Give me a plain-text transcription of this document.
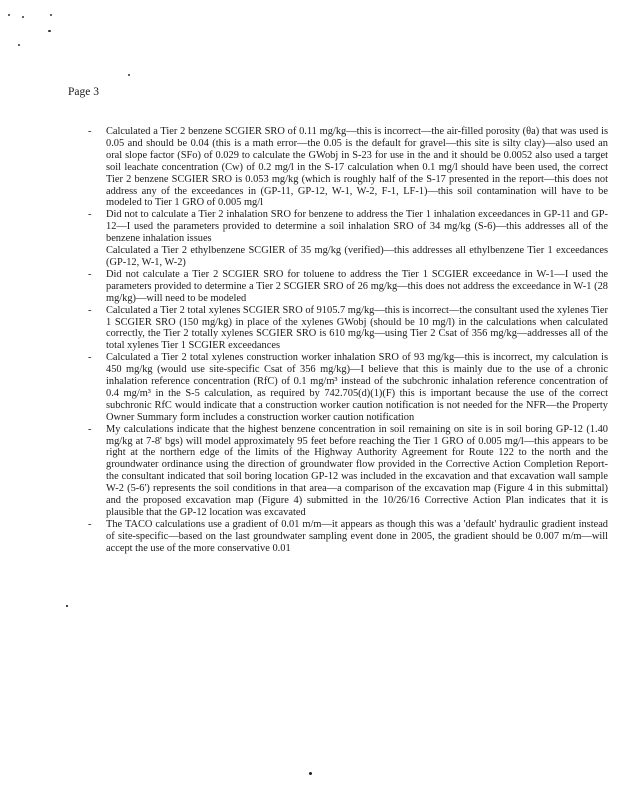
Page 3
- Calculated a Tier 2 benzene SCGIER SRO of 0.11 mg/kg—this is incorrect—the air-filled porosity (θa) that was used is 0.05 and should be 0.04 (this is a math error—the 0.05 is the default for gravel—this site is silty clay)—also used an oral slope factor (SFo) of 0.029 to calculate the GWobj in S-23 for use in the and it should be 0.0052 also used a target soil leachate concentration (Cw) of 0.2 mg/l in the S-17 calculation when 0.1 mg/l should have been used, the correct Tier 2 benzene SCGIER SRO is 0.053 mg/kg (which is roughly half of the S-17 presented in the report—this does not address any of the exceedances in (GP-11, GP-12, W-1, W-2, F-1, LF-1)—this soil contamination will have to be modeled to Tier 1 GRO of 0.005 mg/l
- Did not to calculate a Tier 2 inhalation SRO for benzene to address the Tier 1 inhalation exceedances in GP-11 and GP-12—I used the parameters provided to determine a soil inhalation SRO of 34 mg/kg (S-6)—this addresses all of the benzene inhalation issues
Calculated a Tier 2 ethylbenzene SCGIER of 35 mg/kg (verified)—this addresses all ethylbenzene Tier 1 exceedances (GP-12, W-1, W-2)
- Did not calculate a Tier 2 SCGIER SRO for toluene to address the Tier 1 SCGIER exceedance in W-1—I used the parameters provided to determine a Tier 2 SCGIER SRO of 26 mg/kg—this does not address the exceedance in W-1 (28 mg/kg)—will need to be modeled
- Calculated a Tier 2 total xylenes SCGIER SRO of 9105.7 mg/kg—this is incorrect—the consultant used the xylenes Tier 1 SCGIER SRO (150 mg/kg) in place of the xylenes GWobj (should be 10 mg/l) in the calculations when calculated correctly, the Tier 2 totally xylenes SCGIER SRO is 610 mg/kg—using Tier 2 Csat of 356 mg/kg—addresses all of the total xylenes Tier 1 SCGIER exceedances
- Calculated a Tier 2 total xylenes construction worker inhalation SRO of 93 mg/kg—this is incorrect, my calculation is 450 mg/kg (would use site-specific Csat of 356 mg/kg)—I believe that this is mainly due to the use of a chronic inhalation reference concentration (RfC) of 0.1 mg/m³ instead of the subchronic inhalation reference concentration of 0.4 mg/m³ in the S-5 calculation, as required by 742.705(d)(1)(F) this is important because the use of the correct subchronic RfC would indicate that a construction worker caution notification is not needed for the NFR—the Property Owner Summary form includes a construction worker caution notification
- My calculations indicate that the highest benzene concentration in soil remaining on site is in soil boring GP-12 (1.40 mg/kg at 7-8' bgs) will model approximately 95 feet before reaching the Tier 1 GRO of 0.005 mg/l—this appears to be right at the northern edge of the limits of the Highway Authority Agreement for Route 122 to the north and the groundwater ordinance using the direction of groundwater flow provided in the Corrective Action Completion Report-the consultant indicated that soil boring location GP-12 was included in the excavation and that excavation wall sample W-2 (5-6') represents the soil conditions in that area—a comparison of the excavation map (Figure 4 in this submittal) and the proposed excavation map (Figure 4) submitted in the 10/26/16 Corrective Action Plan indicates that it is plausible that the GP-12 location was excavated
- The TACO calculations use a gradient of 0.01 m/m—it appears as though this was a 'default' hydraulic gradient instead of site-specific—based on the last groundwater sampling event done in 2005, the gradient should be 0.007 m/m—will accept the use of the more conservative 0.01
